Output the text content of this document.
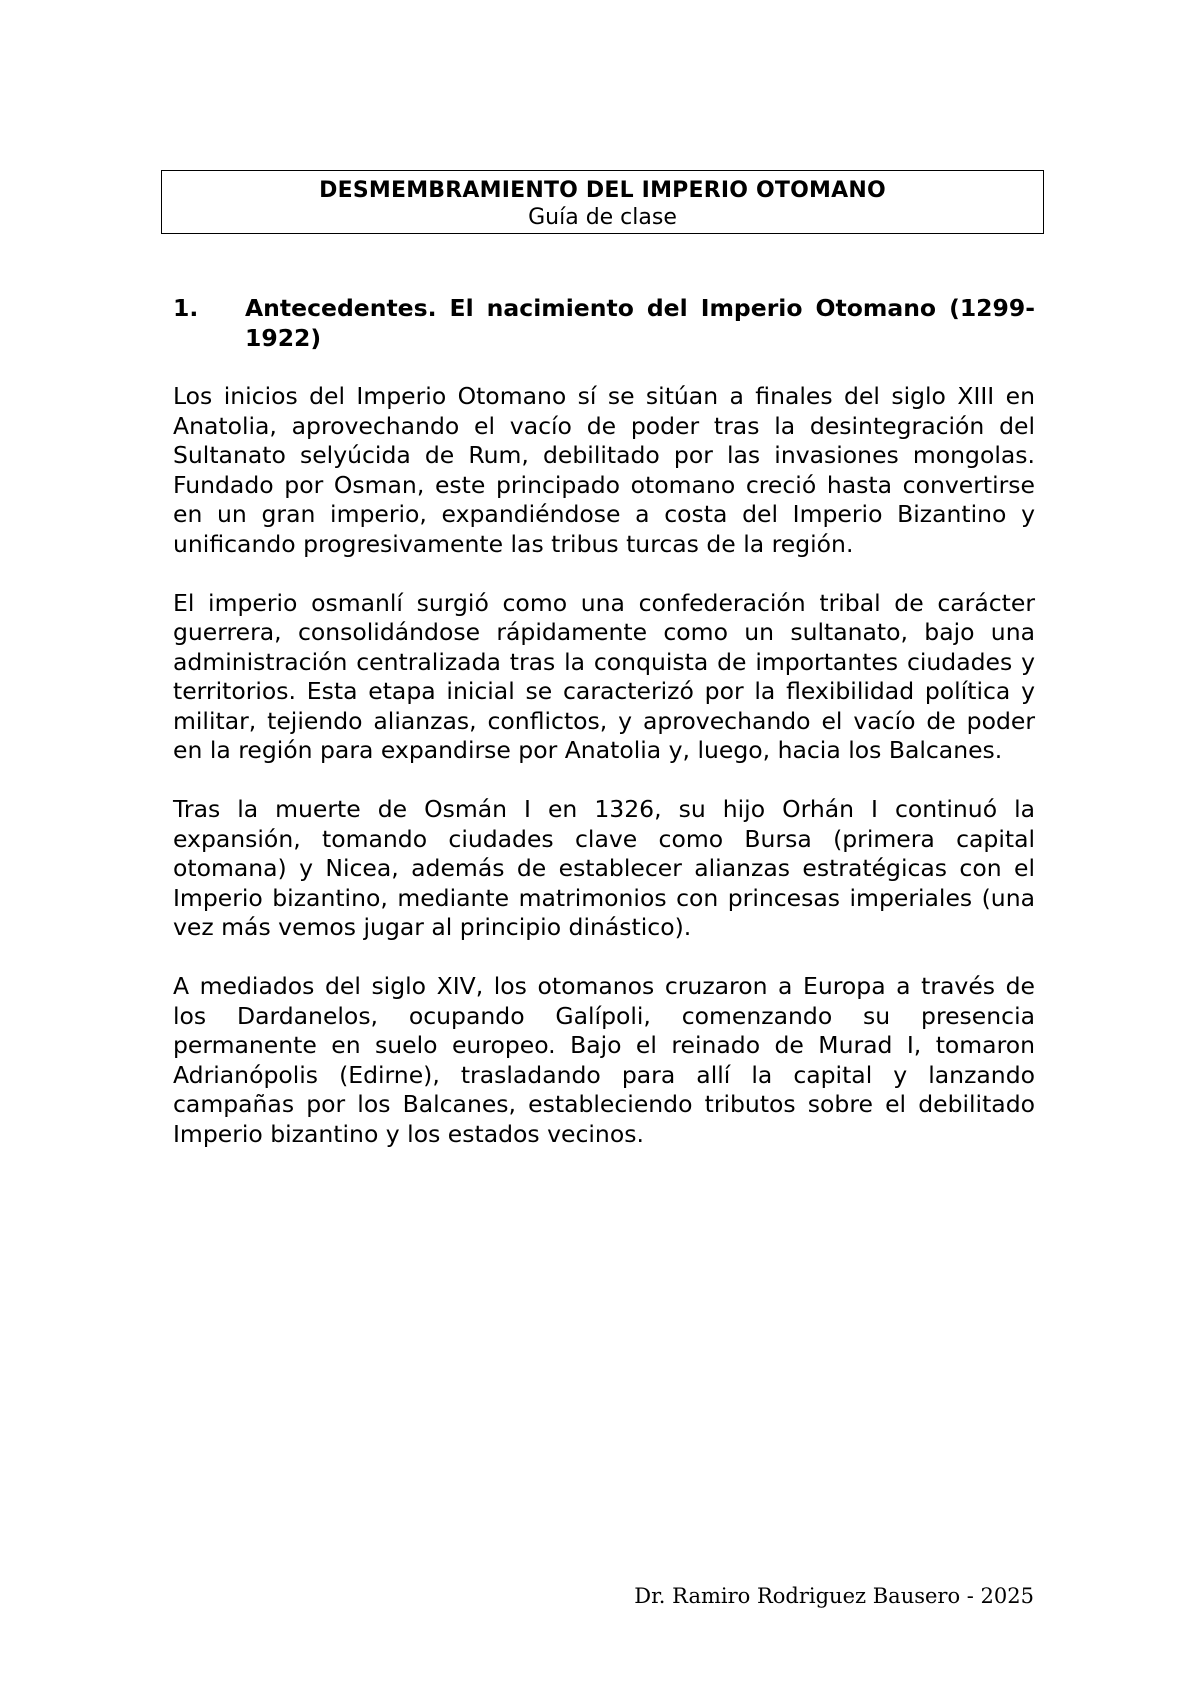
DESMEMBRAMIENTO DEL IMPERIO OTOMANO

Guía de clase

1.	Antecedentes. El nacimiento del Imperio Otomano (1299-1922)

Los inicios del Imperio Otomano sí se sitúan a finales del siglo XIII en Anatolia, aprovechando el vacío de poder tras la desintegración del Sultanato selyúcida de Rum, debilitado por las invasiones mongolas. Fundado por Osman, este principado otomano creció hasta convertirse en un gran imperio, expandiéndose a costa del Imperio Bizantino y unificando progresivamente las tribus turcas de la región.

El imperio osmanlí surgió como una confederación tribal de carácter guerrera, consolidándose rápidamente como un sultanato, bajo una administración centralizada tras la conquista de importantes ciudades y territorios. Esta etapa inicial se caracterizó por la flexibilidad política y militar, tejiendo alianzas, conflictos, y aprovechando el vacío de poder en la región para expandirse por Anatolia y, luego, hacia los Balcanes.

Tras la muerte de Osmán I en 1326, su hijo Orhán I continuó la expansión, tomando ciudades clave como Bursa (primera capital otomana) y Nicea, además de establecer alianzas estratégicas con el Imperio bizantino, mediante matrimonios con princesas imperiales (una vez más vemos jugar al principio dinástico).

A mediados del siglo XIV, los otomanos cruzaron a Europa a través de los Dardanelos, ocupando Galípoli, comenzando su presencia permanente en suelo europeo. Bajo el reinado de Murad I, tomaron Adrianópolis (Edirne), trasladando para allí la capital y lanzando campañas por los Balcanes, estableciendo tributos sobre el debilitado Imperio bizantino y los estados vecinos.

Dr. Ramiro Rodriguez Bausero - 2025
